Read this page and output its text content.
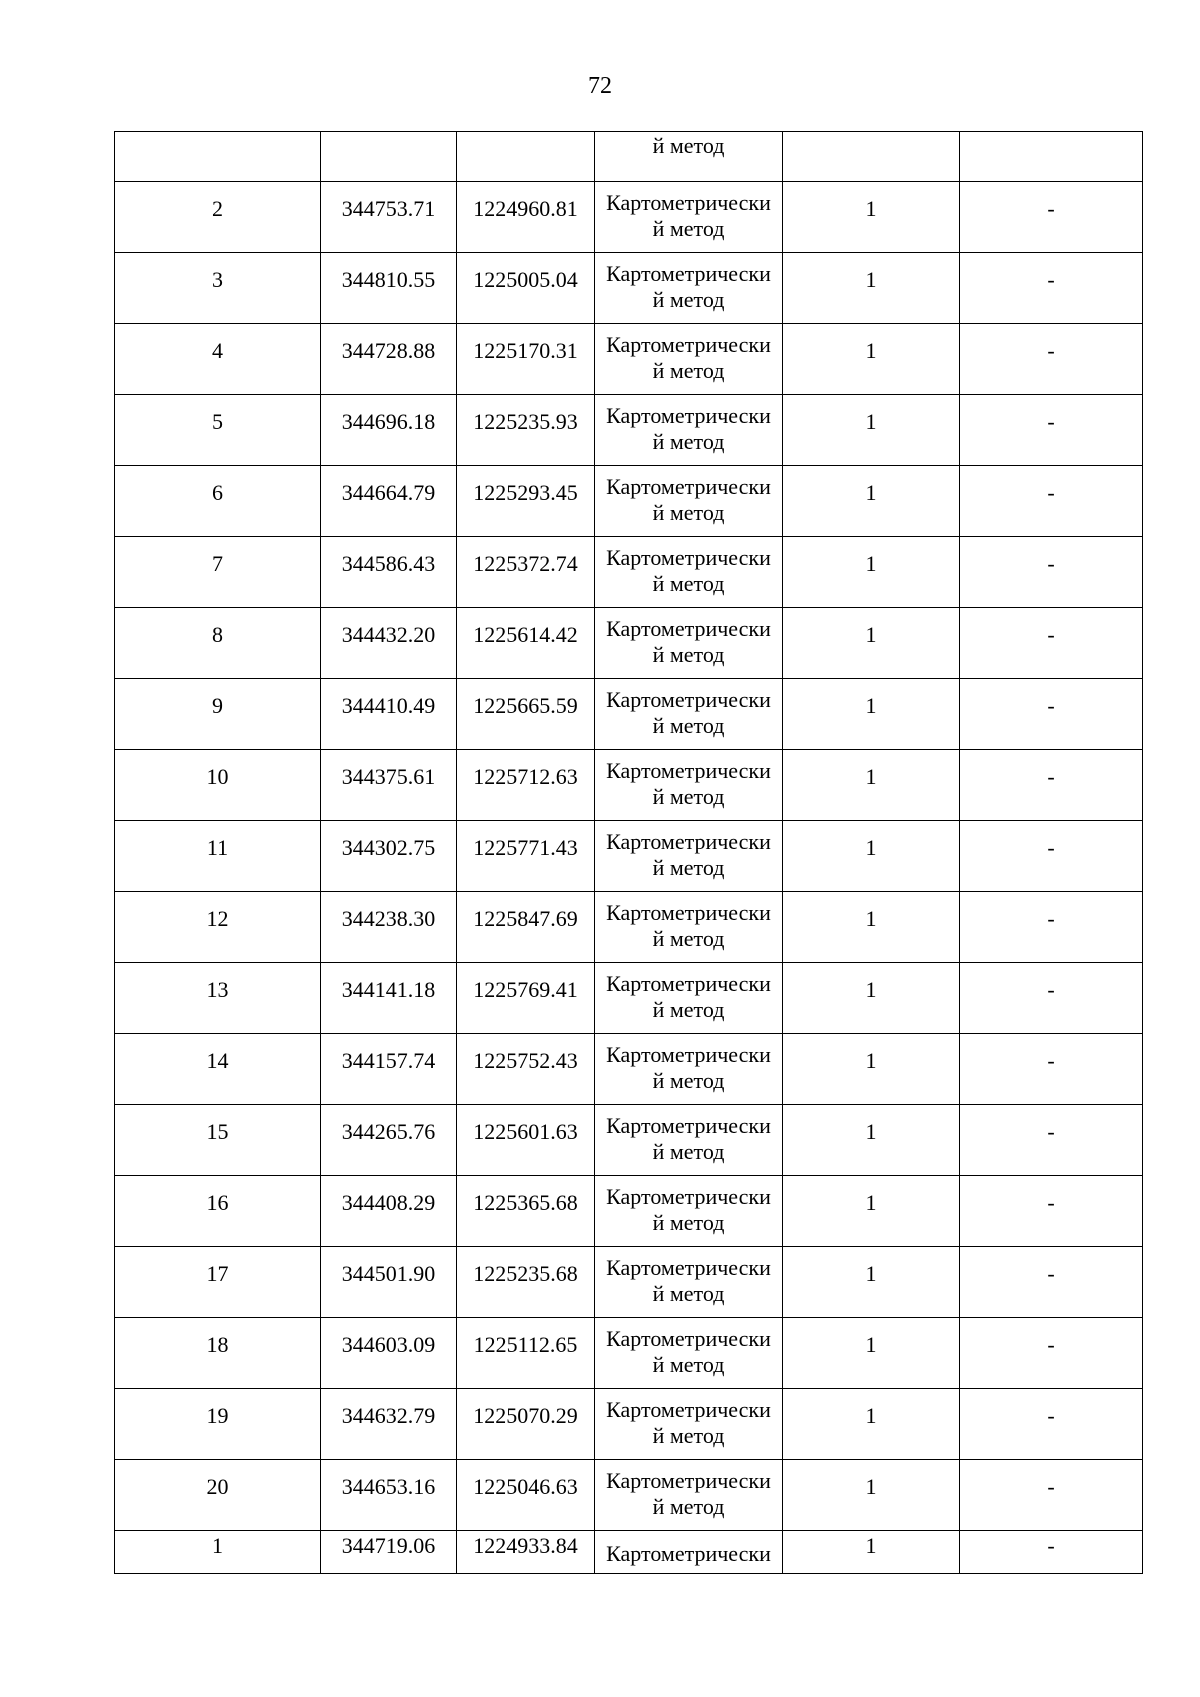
72
			й метод		
2	344753.71	1224960.81	Картометрически
й метод	1	-
3	344810.55	1225005.04	Картометрически
й метод	1	-
4	344728.88	1225170.31	Картометрически
й метод	1	-
5	344696.18	1225235.93	Картометрически
й метод	1	-
6	344664.79	1225293.45	Картометрически
й метод	1	-
7	344586.43	1225372.74	Картометрически
й метод	1	-
8	344432.20	1225614.42	Картометрически
й метод	1	-
9	344410.49	1225665.59	Картометрически
й метод	1	-
10	344375.61	1225712.63	Картометрически
й метод	1	-
11	344302.75	1225771.43	Картометрически
й метод	1	-
12	344238.30	1225847.69	Картометрически
й метод	1	-
13	344141.18	1225769.41	Картометрически
й метод	1	-
14	344157.74	1225752.43	Картометрически
й метод	1	-
15	344265.76	1225601.63	Картометрически
й метод	1	-
16	344408.29	1225365.68	Картометрически
й метод	1	-
17	344501.90	1225235.68	Картометрически
й метод	1	-
18	344603.09	1225112.65	Картометрически
й метод	1	-
19	344632.79	1225070.29	Картометрически
й метод	1	-
20	344653.16	1225046.63	Картометрически
й метод	1	-
1	344719.06	1224933.84	Картометрически	1	-
